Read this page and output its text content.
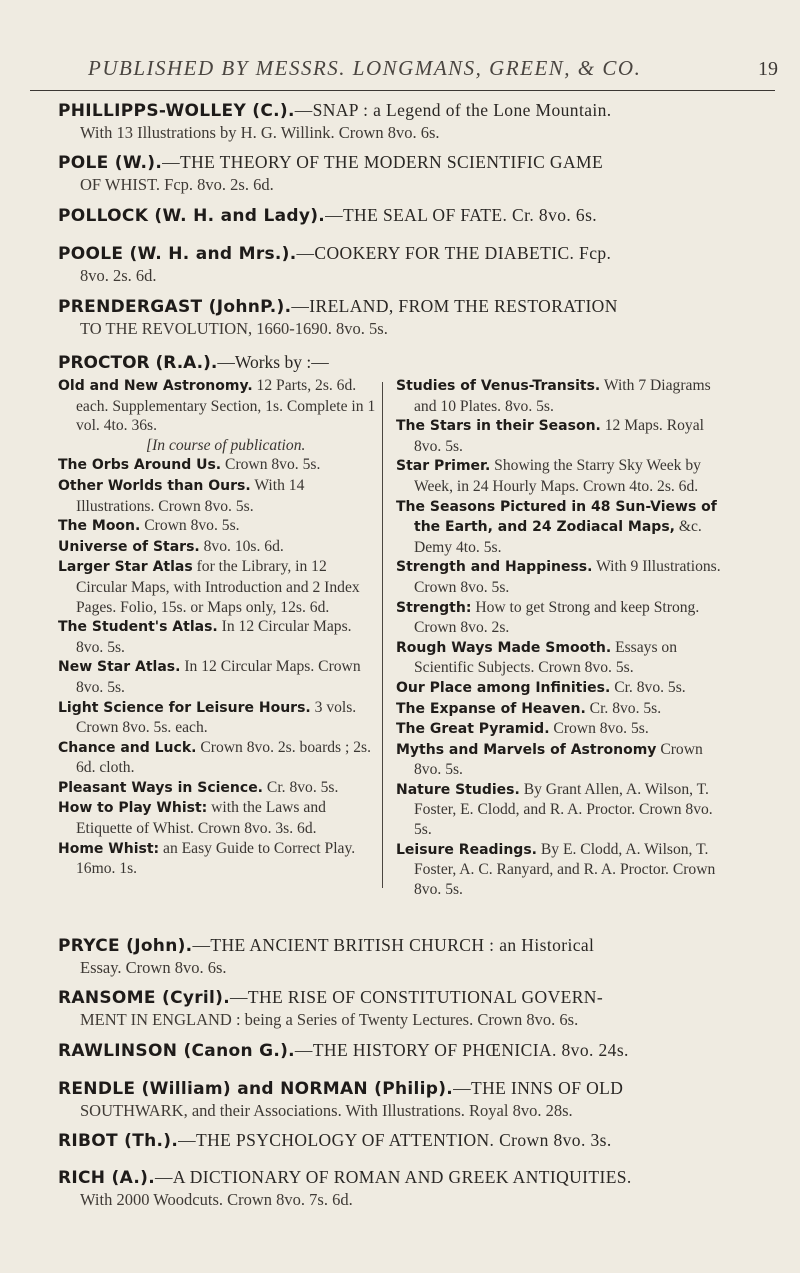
PUBLISHED BY MESSRS. LONGMANS, GREEN, & CO.	19
PHILLIPPS-WOLLEY (C.).—SNAP : a Legend of the Lone Mountain.
With 13 Illustrations by H. G. Willink. Crown 8vo. 6s.
POLE (W.).—THE THEORY OF THE MODERN SCIENTIFIC GAME
OF WHIST. Fcp. 8vo. 2s. 6d.
POLLOCK (W. H. and Lady).—THE SEAL OF FATE. Cr. 8vo. 6s.
POOLE (W. H. and Mrs.).—COOKERY FOR THE DIABETIC. Fcp.
8vo. 2s. 6d.
PRENDERGAST (JohnP.).—IRELAND, FROM THE RESTORATION
TO THE REVOLUTION, 1660-1690. 8vo. 5s.
PROCTOR (R.A.).—Works by :—

Old and New Astronomy. 12 Parts, 2s. 6d. each. Supplementary Section, 1s. Complete in 1 vol. 4to. 36s.
[In course of publication.

The Orbs Around Us. Crown 8vo. 5s.

Other Worlds than Ours. With 14 Illustrations. Crown 8vo. 5s.

The Moon. Crown 8vo. 5s.

Universe of Stars. 8vo. 10s. 6d.

Larger Star Atlas for the Library, in 12 Circular Maps, with Introduction and 2 Index Pages. Folio, 15s. or Maps only, 12s. 6d.

The Student's Atlas. In 12 Circular Maps. 8vo. 5s.

New Star Atlas. In 12 Circular Maps. Crown 8vo. 5s.

Light Science for Leisure Hours. 3 vols. Crown 8vo. 5s. each.

Chance and Luck. Crown 8vo. 2s. boards ; 2s. 6d. cloth.

Pleasant Ways in Science. Cr. 8vo. 5s.

How to Play Whist: with the Laws and Etiquette of Whist. Crown 8vo. 3s. 6d.

Home Whist: an Easy Guide to Correct Play. 16mo. 1s.

Studies of Venus-Transits. With 7 Diagrams and 10 Plates. 8vo. 5s.

The Stars in their Season. 12 Maps. Royal 8vo. 5s.

Star Primer. Showing the Starry Sky Week by Week, in 24 Hourly Maps. Crown 4to. 2s. 6d.

The Seasons Pictured in 48 Sun-Views of the Earth, and 24 Zodiacal Maps, &c. Demy 4to. 5s.

Strength and Happiness. With 9 Illustrations. Crown 8vo. 5s.

Strength: How to get Strong and keep Strong. Crown 8vo. 2s.

Rough Ways Made Smooth. Essays on Scientific Subjects. Crown 8vo. 5s.

Our Place among Infinities. Cr. 8vo. 5s.

The Expanse of Heaven. Cr. 8vo. 5s.

The Great Pyramid. Crown 8vo. 5s.

Myths and Marvels of Astronomy Crown 8vo. 5s.

Nature Studies. By Grant Allen, A. Wilson, T. Foster, E. Clodd, and R. A. Proctor. Crown 8vo. 5s.

Leisure Readings. By E. Clodd, A. Wilson, T. Foster, A. C. Ranyard, and R. A. Proctor. Crown 8vo. 5s.

PRYCE (John).—THE ANCIENT BRITISH CHURCH : an Historical
Essay. Crown 8vo. 6s.
RANSOME (Cyril).—THE RISE OF CONSTITUTIONAL GOVERN-
MENT IN ENGLAND : being a Series of Twenty Lectures. Crown 8vo. 6s.
RAWLINSON (Canon G.).—THE HISTORY OF PHŒNICIA. 8vo. 24s.
RENDLE (William) and NORMAN (Philip).—THE INNS OF OLD
SOUTHWARK, and their Associations. With Illustrations. Royal 8vo. 28s.
RIBOT (Th.).—THE PSYCHOLOGY OF ATTENTION. Crown 8vo. 3s.
RICH (A.).—A DICTIONARY OF ROMAN AND GREEK ANTIQUITIES.
With 2000 Woodcuts. Crown 8vo. 7s. 6d.
